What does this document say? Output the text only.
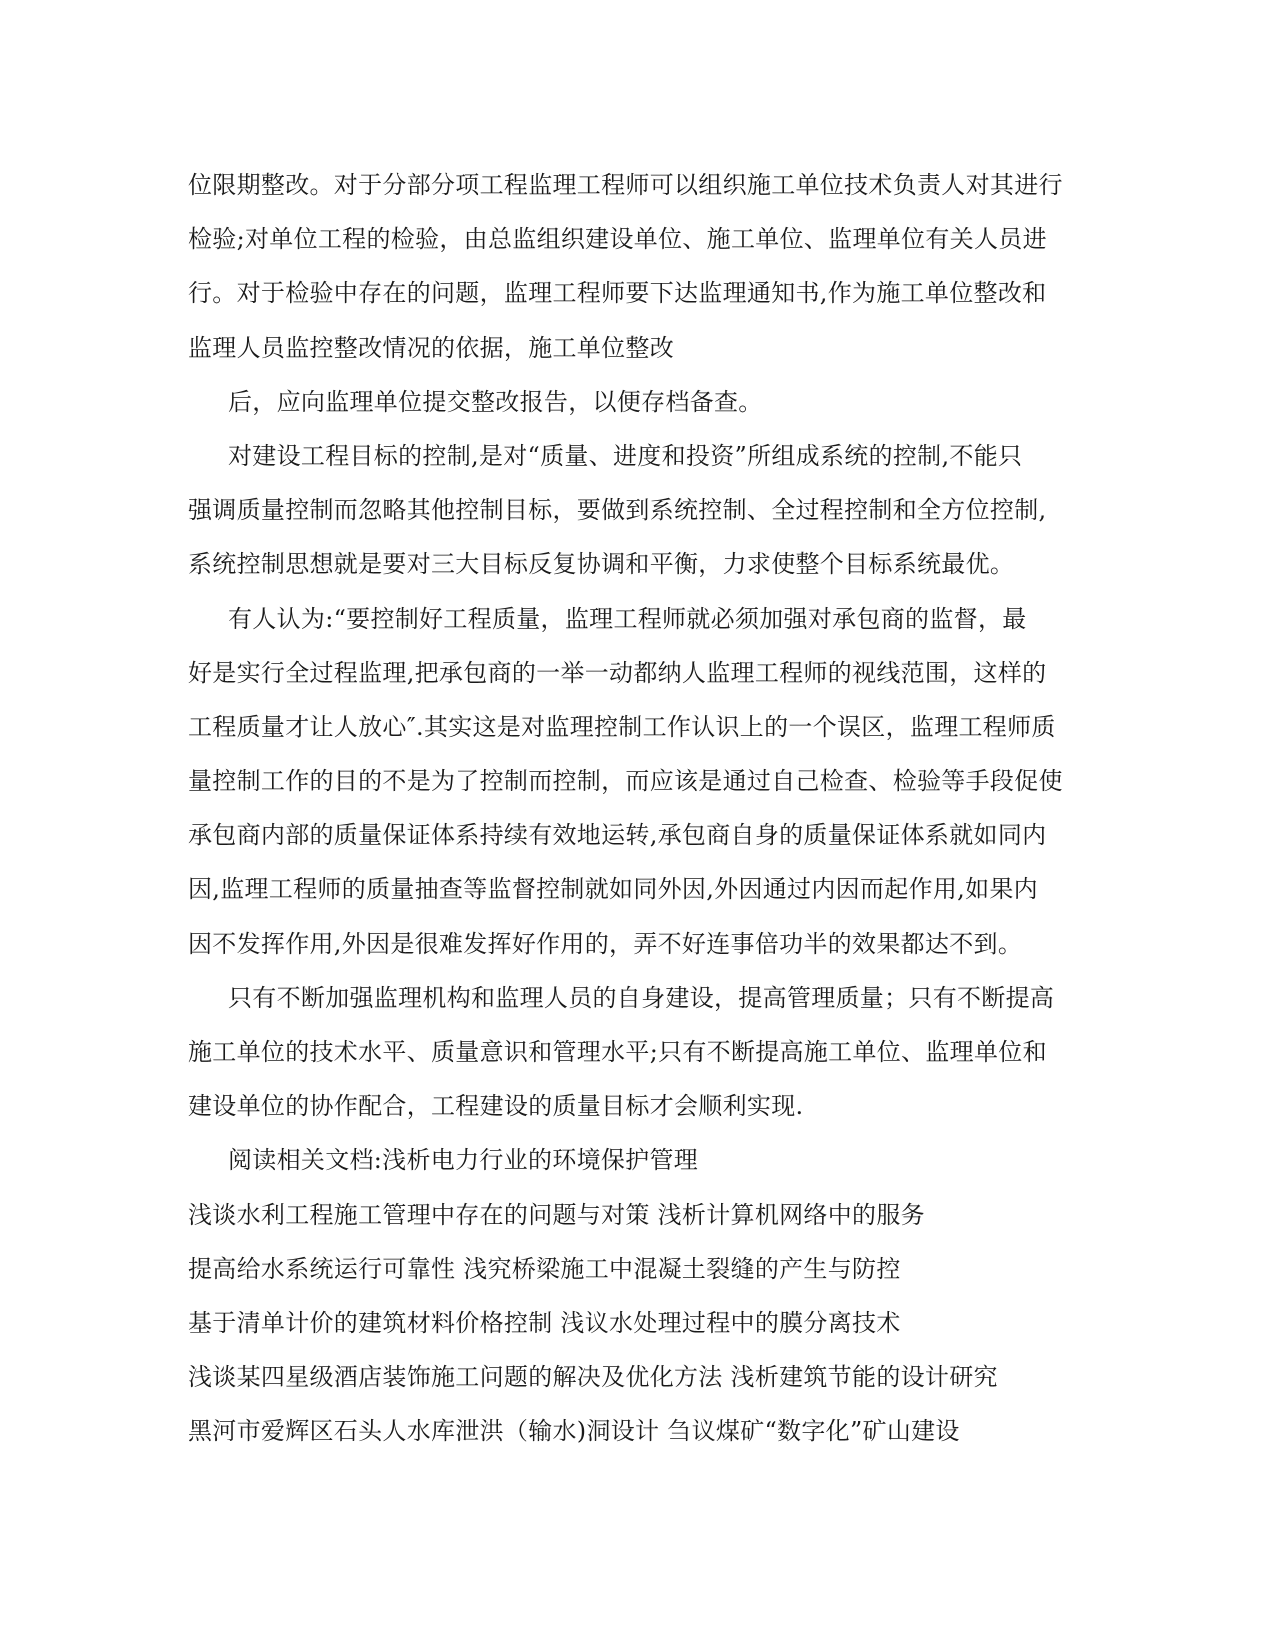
位限期整改。对于分部分项工程监理工程师可以组织施工单位技术负责人对其进行
检验;对单位工程的检验，由总监组织建设单位、施工单位、监理单位有关人员进
行。对于检验中存在的问题，监理工程师要下达监理通知书,作为施工单位整改和
监理人员监控整改情况的依据，施工单位整改
后，应向监理单位提交整改报告，以便存档备查。
对建设工程目标的控制,是对“质量、进度和投资”所组成系统的控制,不能只
强调质量控制而忽略其他控制目标，要做到系统控制、全过程控制和全方位控制,
系统控制思想就是要对三大目标反复协调和平衡，力求使整个目标系统最优。
有人认为:“要控制好工程质量，监理工程师就必须加强对承包商的监督，最
好是实行全过程监理,把承包商的一举一动都纳人监理工程师的视线范围，这样的
工程质量才让人放心″.其实这是对监理控制工作认识上的一个误区，监理工程师质
量控制工作的目的不是为了控制而控制，而应该是通过自己检查、检验等手段促使
承包商内部的质量保证体系持续有效地运转,承包商自身的质量保证体系就如同内
因,监理工程师的质量抽查等监督控制就如同外因,外因通过内因而起作用,如果内
因不发挥作用,外因是很难发挥好作用的，弄不好连事倍功半的效果都达不到。
只有不断加强监理机构和监理人员的自身建设，提高管理质量；只有不断提高
施工单位的技术水平、质量意识和管理水平;只有不断提高施工单位、监理单位和
建设单位的协作配合，工程建设的质量目标才会顺利实现.
阅读相关文档:浅析电力行业的环境保护管理
浅谈水利工程施工管理中存在的问题与对策 浅析计算机网络中的服务
提高给水系统运行可靠性 浅究桥梁施工中混凝土裂缝的产生与防控
基于清单计价的建筑材料价格控制 浅议水处理过程中的膜分离技术
浅谈某四星级酒店装饰施工问题的解决及优化方法 浅析建筑节能的设计研究
黑河市爱辉区石头人水库泄洪（输水)洞设计 刍议煤矿“数字化”矿山建设
